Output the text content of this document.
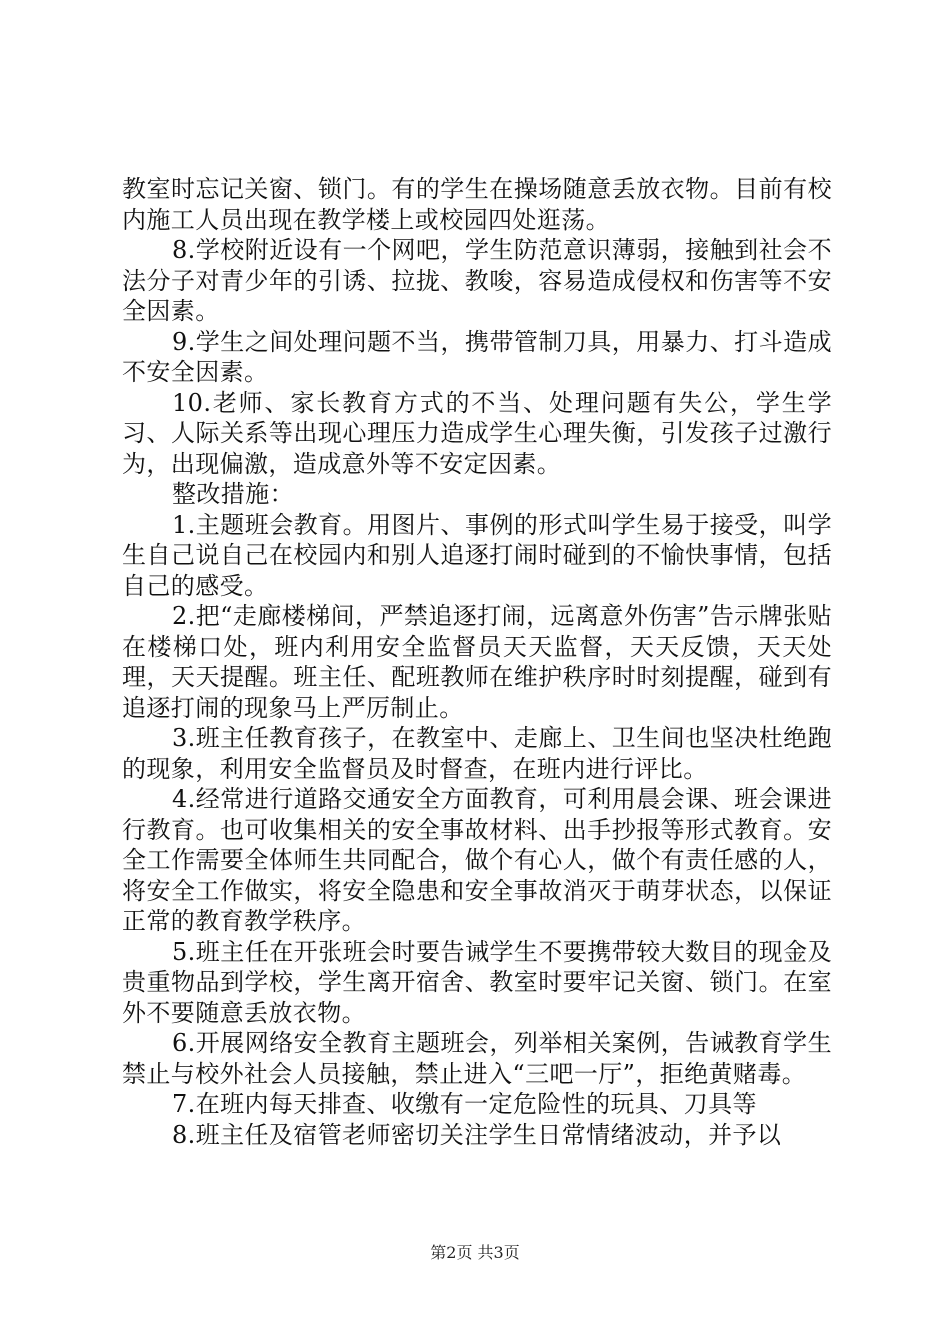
教室时忘记关窗、锁门。有的学生在操场随意丢放衣物。目前有校内施工人员出现在教学楼上或校园四处逛荡。

8.学校附近设有一个网吧，学生防范意识薄弱，接触到社会不法分子对青少年的引诱、拉拢、教唆，容易造成侵权和伤害等不安全因素。

9.学生之间处理问题不当，携带管制刀具，用暴力、打斗造成不安全因素。

10.老师、家长教育方式的不当、处理问题有失公，学生学习、人际关系等出现心理压力造成学生心理失衡，引发孩子过激行为，出现偏激，造成意外等不安定因素。

整改措施：

1.主题班会教育。用图片、事例的形式叫学生易于接受，叫学生自己说自己在校园内和别人追逐打闹时碰到的不愉快事情，包括自己的感受。

2.把“走廊楼梯间，严禁追逐打闹，远离意外伤害”告示牌张贴在楼梯口处，班内利用安全监督员天天监督，天天反馈，天天处理，天天提醒。班主任、配班教师在维护秩序时时刻提醒，碰到有追逐打闹的现象马上严厉制止。

3.班主任教育孩子，在教室中、走廊上、卫生间也坚决杜绝跑的现象，利用安全监督员及时督查，在班内进行评比。

4.经常进行道路交通安全方面教育，可利用晨会课、班会课进行教育。也可收集相关的安全事故材料、出手抄报等形式教育。安全工作需要全体师生共同配合，做个有心人，做个有责任感的人，将安全工作做实，将安全隐患和安全事故消灭于萌芽状态，以保证正常的教育教学秩序。

5.班主任在开张班会时要告诫学生不要携带较大数目的现金及贵重物品到学校，学生离开宿舍、教室时要牢记关窗、锁门。在室外不要随意丢放衣物。

6.开展网络安全教育主题班会，列举相关案例，告诫教育学生禁止与校外社会人员接触，禁止进入“三吧一厅”，拒绝黄赌毒。

7.在班内每天排查、收缴有一定危险性的玩具、刀具等

8.班主任及宿管老师密切关注学生日常情绪波动，并予以

第2页 共3页
